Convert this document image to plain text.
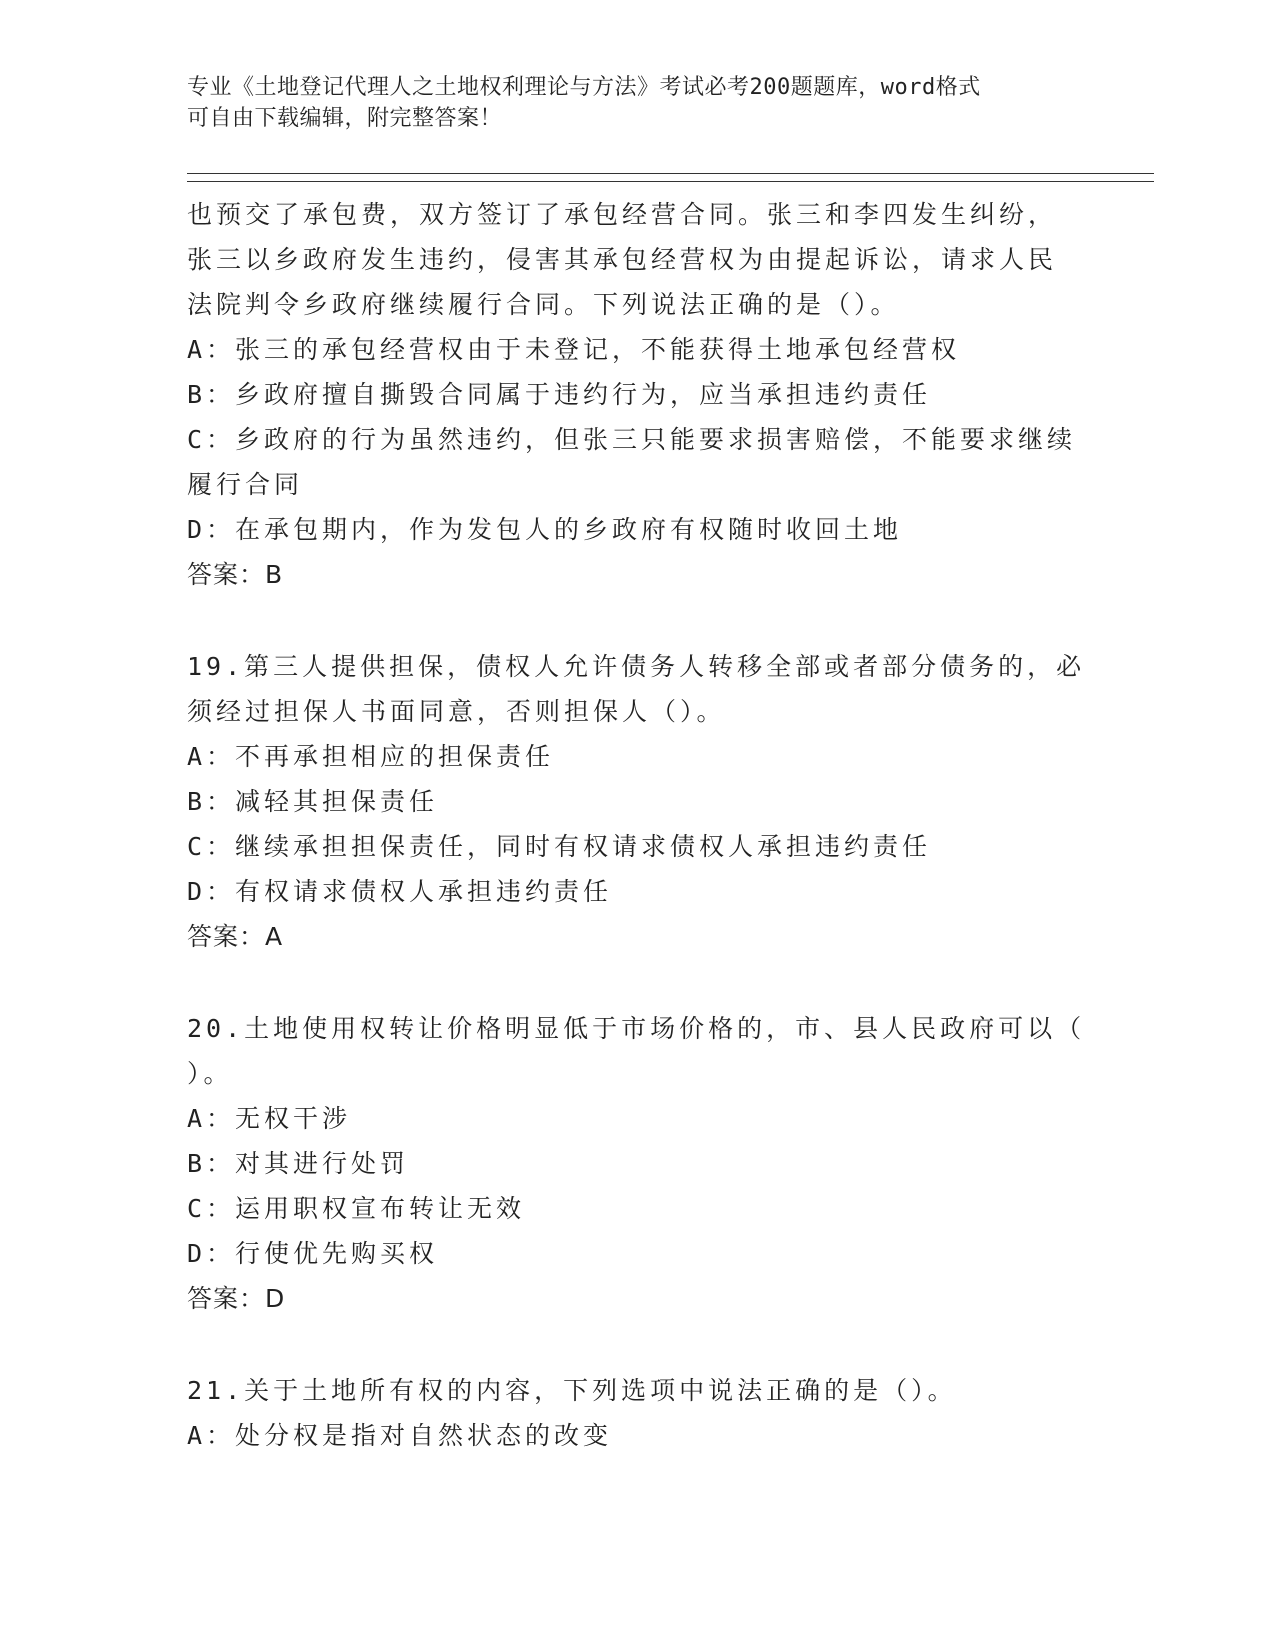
专业《土地登记代理人之土地权利理论与方法》考试必考200题题库，word格式
可自由下载编辑，附完整答案！
也预交了承包费，双方签订了承包经营合同。张三和李四发生纠纷，
张三以乡政府发生违约，侵害其承包经营权为由提起诉讼，请求人民
法院判令乡政府继续履行合同。下列说法正确的是（）。
A：张三的承包经营权由于未登记，不能获得土地承包经营权
B：乡政府擅自撕毁合同属于违约行为，应当承担违约责任
C：乡政府的行为虽然违约，但张三只能要求损害赔偿，不能要求继续
履行合同
D：在承包期内，作为发包人的乡政府有权随时收回土地
答案：B
19.第三人提供担保，债权人允许债务人转移全部或者部分债务的，必
须经过担保人书面同意，否则担保人（）。
A：不再承担相应的担保责任
B：减轻其担保责任
C：继续承担担保责任，同时有权请求债权人承担违约责任
D：有权请求债权人承担违约责任
答案：A
20.土地使用权转让价格明显低于市场价格的，市、县人民政府可以（
）。
A：无权干涉
B：对其进行处罚
C：运用职权宣布转让无效
D：行使优先购买权
答案：D
21.关于土地所有权的内容，下列选项中说法正确的是（）。
A：处分权是指对自然状态的改变
